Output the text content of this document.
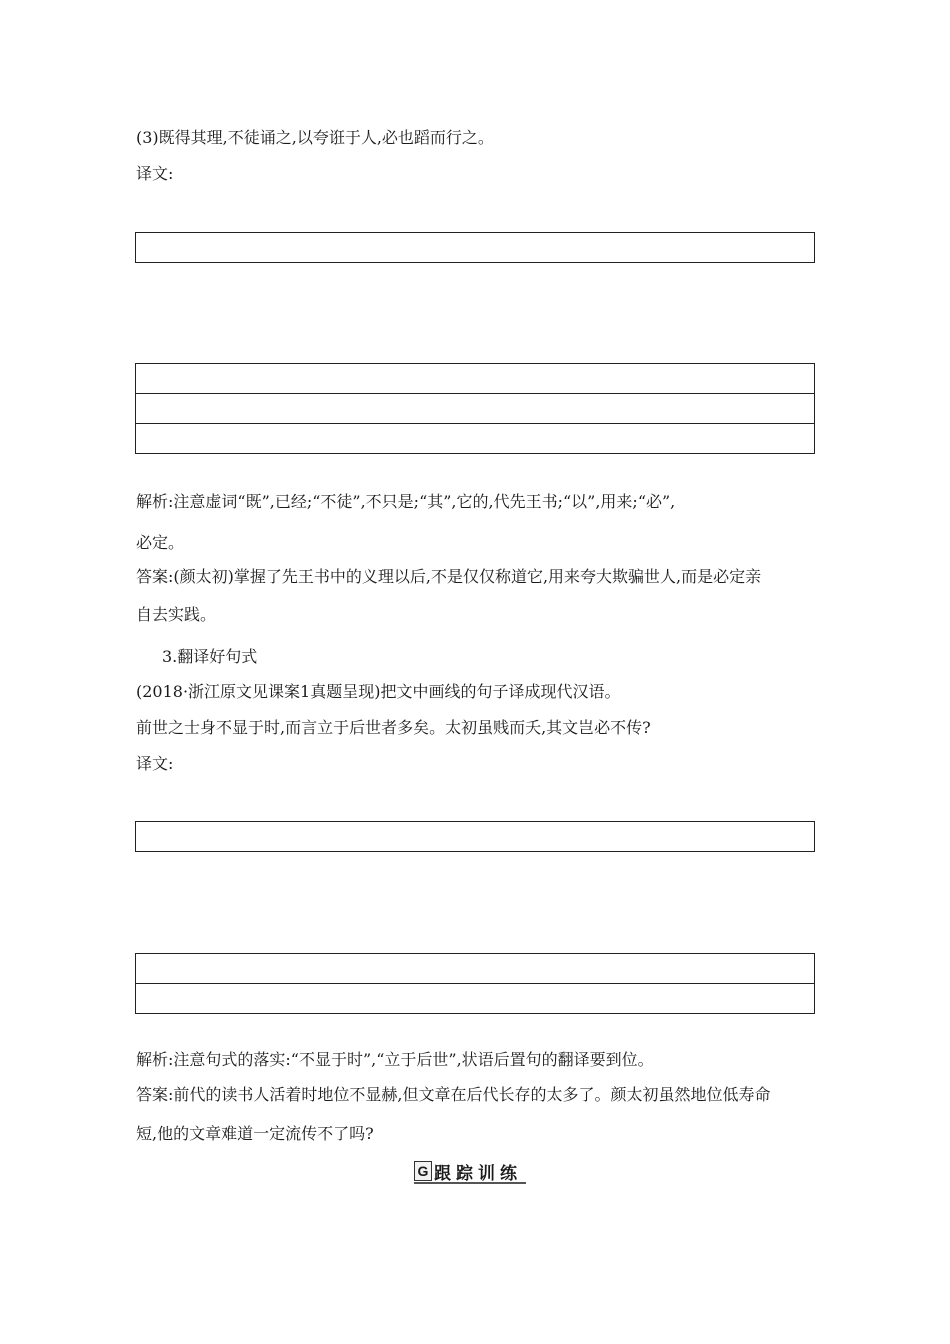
(3)既得其理,不徒诵之,以夸诳于人,必也蹈而行之。
译文:
解析:注意虚词“既”,已经;“不徒”,不只是;“其”,它的,代先王书;“以”,用来;“必”,
必定。
答案:(颜太初)掌握了先王书中的义理以后,不是仅仅称道它,用来夸大欺骗世人,而是必定亲
自去实践。
3.翻译好句式
(2018·浙江原文见课案1真题呈现)把文中画线的句子译成现代汉语。
前世之士身不显于时,而言立于后世者多矣。太初虽贱而夭,其文岂必不传?
译文:
解析:注意句式的落实:“不显于时”,“立于后世”,状语后置句的翻译要到位。
答案:前代的读书人活着时地位不显赫,但文章在后代长存的太多了。颜太初虽然地位低寿命
短,他的文章难道一定流传不了吗?
G 跟踪训练
